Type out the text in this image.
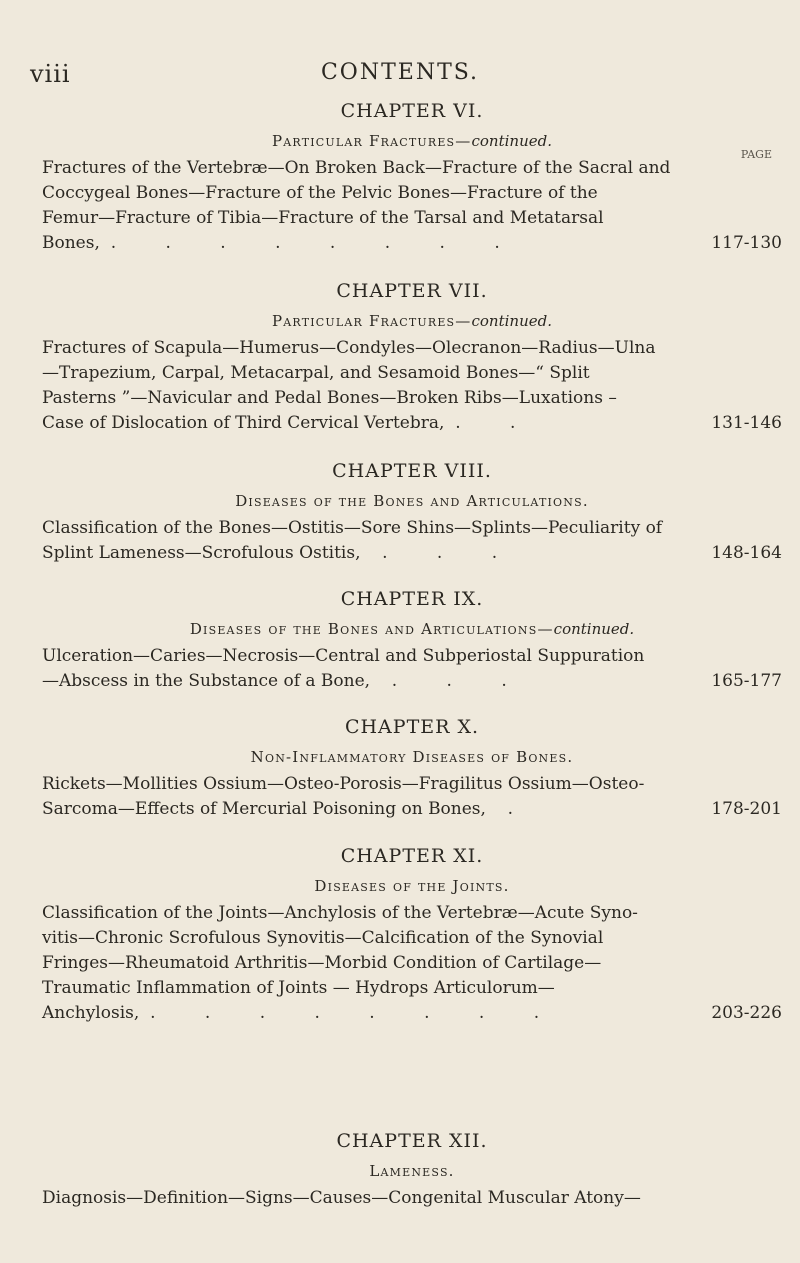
viii	CONTENTS.
CHAPTER VI.
Particular Fractures—continued.
PAGE
Fractures of the Vertebræ—On Broken Back—Fracture of the Sacral and
Coccygeal Bones—Fracture of the Pelvic Bones—Fracture of the
Femur—Fracture of Tibia—Fracture of the Tarsal and Metatarsal
Bones, . . . . . . . .	117-130
CHAPTER VII.
Particular Fractures—continued.
Fractures of Scapula—Humerus—Condyles—Olecranon—Radius—Ulna
—Trapezium, Carpal, Metacarpal, and Sesamoid Bones—“ Split
Pasterns ”—Navicular and Pedal Bones—Broken Ribs—Luxations –
Case of Dislocation of Third Cervical Vertebra, . .	131-146
CHAPTER VIII.
Diseases of the Bones and Articulations.
Classification of the Bones—Ostitis—Sore Shins—Splints—Peculiarity of
Splint Lameness—Scrofulous Ostitis, . . .	148-164
CHAPTER IX.
Diseases of the Bones and Articulations—continued.
Ulceration—Caries—Necrosis—Central and Subperiostal Suppuration
—Abscess in the Substance of a Bone, . . .	165-177
CHAPTER X.
Non-Inflammatory Diseases of Bones.
Rickets—Mollities Ossium—Osteo-Porosis—Fragilitus Ossium—Osteo-
Sarcoma—Effects of Mercurial Poisoning on Bones, .	178-201
CHAPTER XI.
Diseases of the Joints.
Classification of the Joints—Anchylosis of the Vertebræ—Acute Syno-
vitis—Chronic Scrofulous Synovitis—Calcification of the Synovial
Fringes—Rheumatoid Arthritis—Morbid Condition of Cartilage—
Traumatic Inflammation of Joints — Hydrops Articulorum—
Anchylosis, . . . . . . . .	203-226
CHAPTER XII.
Lameness.
Diagnosis—Definition—Signs—Causes—Congenital Muscular Atony—
